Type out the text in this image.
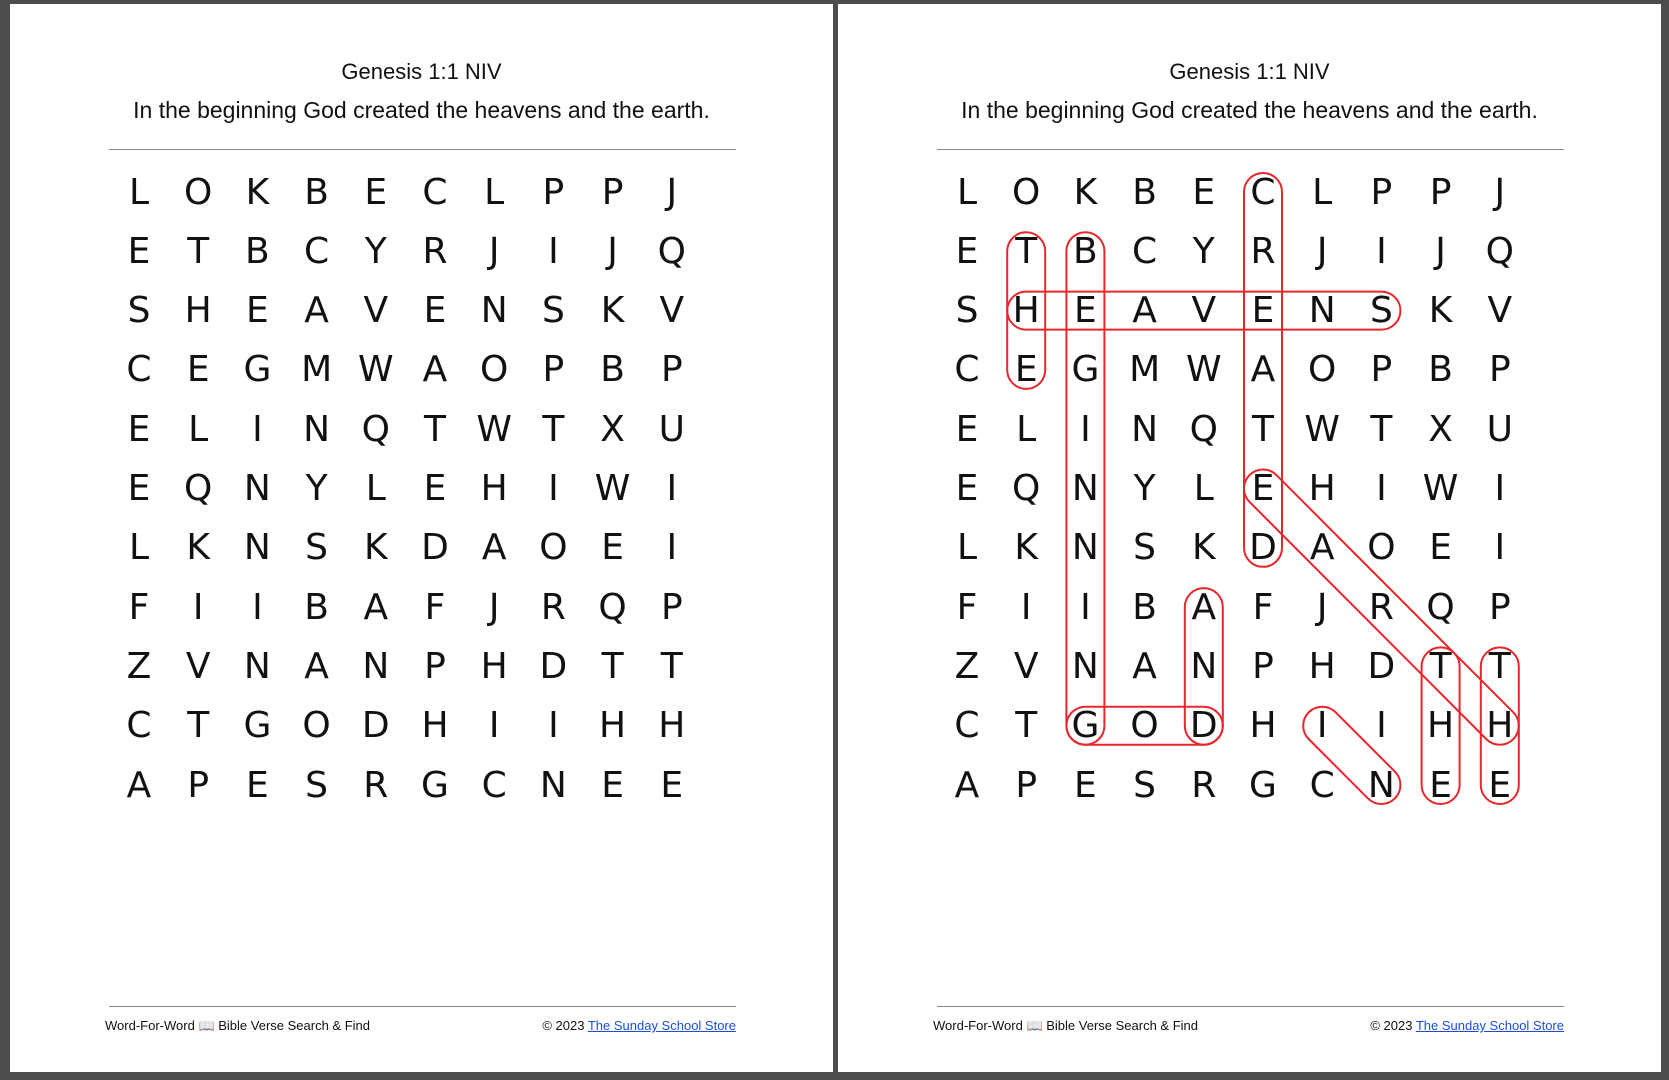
Genesis 1:1 NIV
In the beginning God created the heavens and the earth.
L O K B E C	L	P	P	J
E	T B C Y R	J	I	J	Q
S H E A V E N S K V
C E G M W A O P B	P
E	L	I	N Q T W T X U
E Q N Y	L	E H	I	W	I
L	K N S K D A O E	I
F	I	I	B A	F	J	R Q P
Z V N A N P H D T	T
C T G O D H	I	I	H H
A	P	E	S R G C N E	E
Word-For-Word 📖 Bible Verse Search & Find	© 2023 The Sunday School Store
Genesis 1:1 NIV
In the beginning God created the heavens and the earth.
L O K B E C	L	P	P	J
E	T B C Y R	J	I	J	Q
S H E A V E N S K V
C E G M W A O P B	P
E	L	I	N Q T W T X U
E Q N Y	L	E H	I	W	I
L	K N S K D A O E	I
F	I	I	B A	F	J	R Q P
Z V N A N P H D T	T
C T G O D H	I	I	H H
A	P	E	S R G C N E	E
Word-For-Word 📖 Bible Verse Search & Find	© 2023 The Sunday School Store
